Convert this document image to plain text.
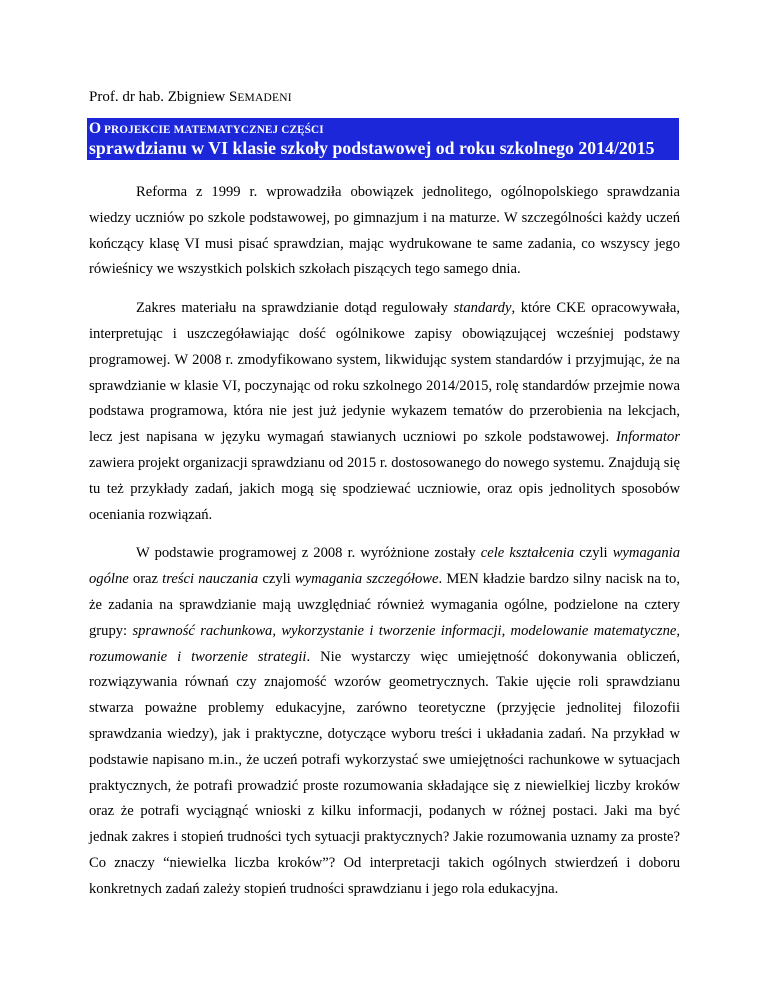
Prof. dr hab. Zbigniew SEMADENI
O PROJEKCIE MATEMATYCZNEJ CZĘŚCI
sprawdzianu w VI klasie szkoły podstawowej od roku szkolnego 2014/2015

Reforma z 1999 r. wprowadziła obowiązek jednolitego, ogólnopolskiego sprawdzania wiedzy uczniów po szkole podstawowej, po gimnazjum i na maturze. W szczególności każdy uczeń kończący klasę VI musi pisać sprawdzian, mając wydrukowane te same zadania, co wszyscy jego rówieśnicy we wszystkich polskich szkołach piszących tego samego dnia.

Zakres materiału na sprawdzianie dotąd regulowały standardy, które CKE opracowywała, interpretując i uszczegóławiając dość ogólnikowe zapisy obowiązującej wcześniej podstawy programowej. W 2008 r. zmodyfikowano system, likwidując system standardów i przyjmując, że na sprawdzianie w klasie VI, poczynając od roku szkolnego 2014/2015, rolę standardów przejmie nowa podstawa programowa, która nie jest już jedynie wykazem tematów do przerobienia na lekcjach, lecz jest napisana w języku wymagań stawianych uczniowi po szkole podstawowej. Informator zawiera projekt organizacji sprawdzianu od 2015 r. dostosowanego do nowego systemu. Znajdują się tu też przykłady zadań, jakich mogą się spodziewać uczniowie, oraz opis jednolitych sposobów oceniania rozwiązań.

W podstawie programowej z 2008 r. wyróżnione zostały cele kształcenia czyli wymagania ogólne oraz treści nauczania czyli wymagania szczegółowe. MEN kładzie bardzo silny nacisk na to, że zadania na sprawdzianie mają uwzględniać również wymagania ogólne, podzielone na cztery grupy: sprawność rachunkowa, wykorzystanie i tworzenie informacji, modelowanie matematyczne, rozumowanie i tworzenie strategii. Nie wystarczy więc umiejętność dokonywania obliczeń, rozwiązywania równań czy znajomość wzorów geometrycznych. Takie ujęcie roli sprawdzianu stwarza poważne problemy edukacyjne, zarówno teoretyczne (przyjęcie jednolitej filozofii sprawdzania wiedzy), jak i praktyczne, dotyczące wyboru treści i układania zadań. Na przykład w podstawie napisano m.in., że uczeń potrafi wykorzystać swe umiejętności rachunkowe w sytuacjach praktycznych, że potrafi prowadzić proste rozumowania składające się z niewielkiej liczby kroków oraz że potrafi wyciągnąć wnioski z kilku informacji, podanych w różnej postaci. Jaki ma być jednak zakres i stopień trudności tych sytuacji praktycznych? Jakie rozumowania uznamy za proste? Co znaczy “niewielka liczba kroków”? Od interpretacji takich ogólnych stwierdzeń i doboru konkretnych zadań zależy stopień trudności sprawdzianu i jego rola edukacyjna.
